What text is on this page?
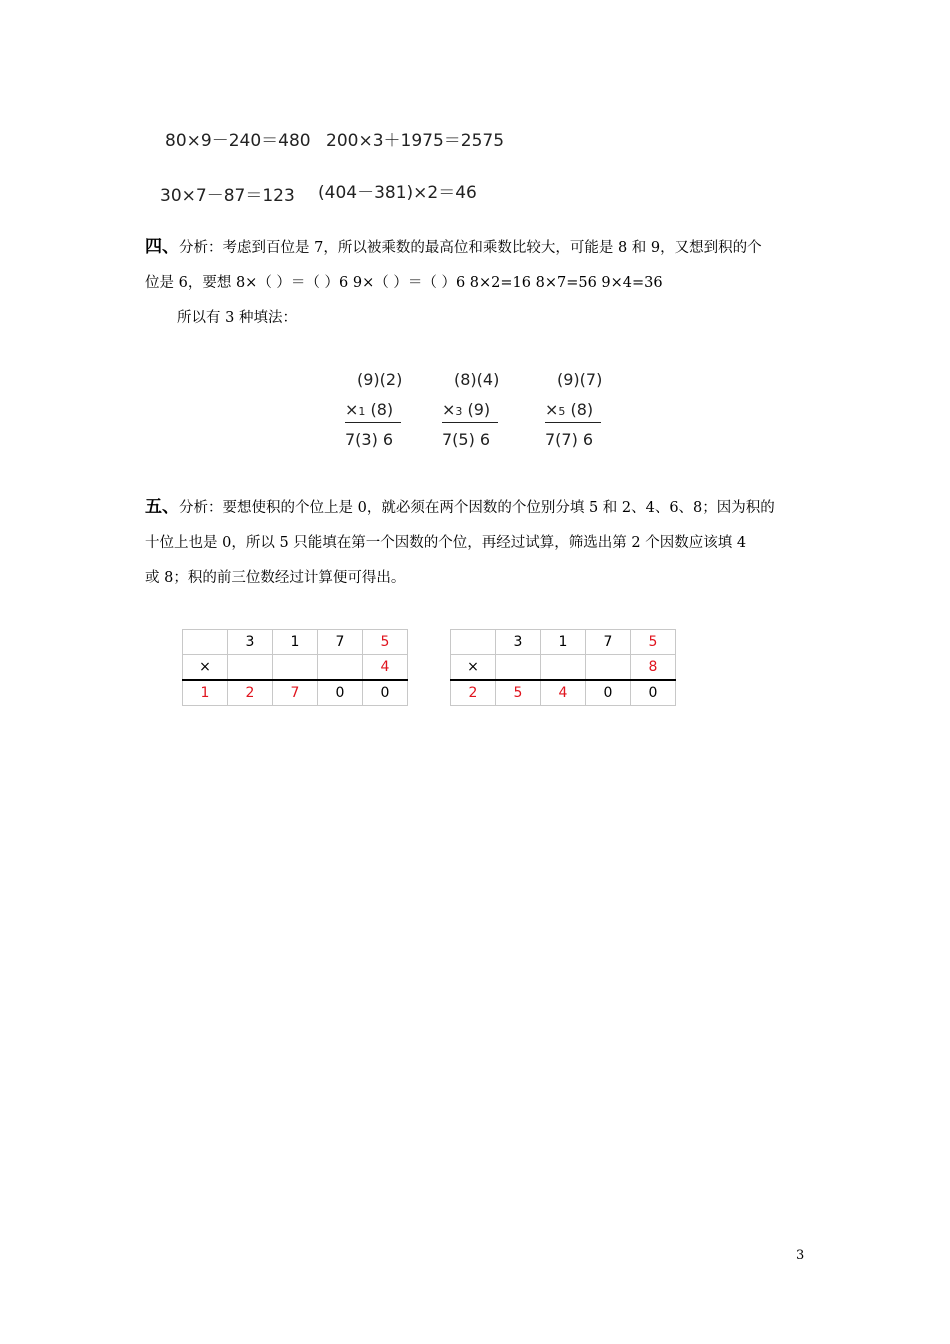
80×9－240＝480 200×3＋1975＝2575
30×7－87＝123 (404－381)×2＝46
四、分析：考虑到百位是 7，所以被乘数的最高位和乘数比较大，可能是 8 和 9，又想到积的个
位是 6，要想 8×（ ）＝（ ）6 9×（ ）＝（ ）6 8×2=16 8×7=56 9×4=36
所以有 3 种填法：
(9)(2)
×1 (8)
7(3) 6
(8)(4)
×3 (9)
7(5) 6
(9)(7)
×5 (8)
7(7) 6
五、分析：要想使积的个位上是 0，就必须在两个因数的个位别分填 5 和 2、4、6、8；因为积的
十位上也是 0，所以 5 只能填在第一个因数的个位，再经过试算，筛选出第 2 个因数应该填 4
或 8；积的前三位数经过计算便可得出。
	3	1	7	5
×				4
1	2	7	0	0
	3	1	7	5
×				8
2	5	4	0	0
3
